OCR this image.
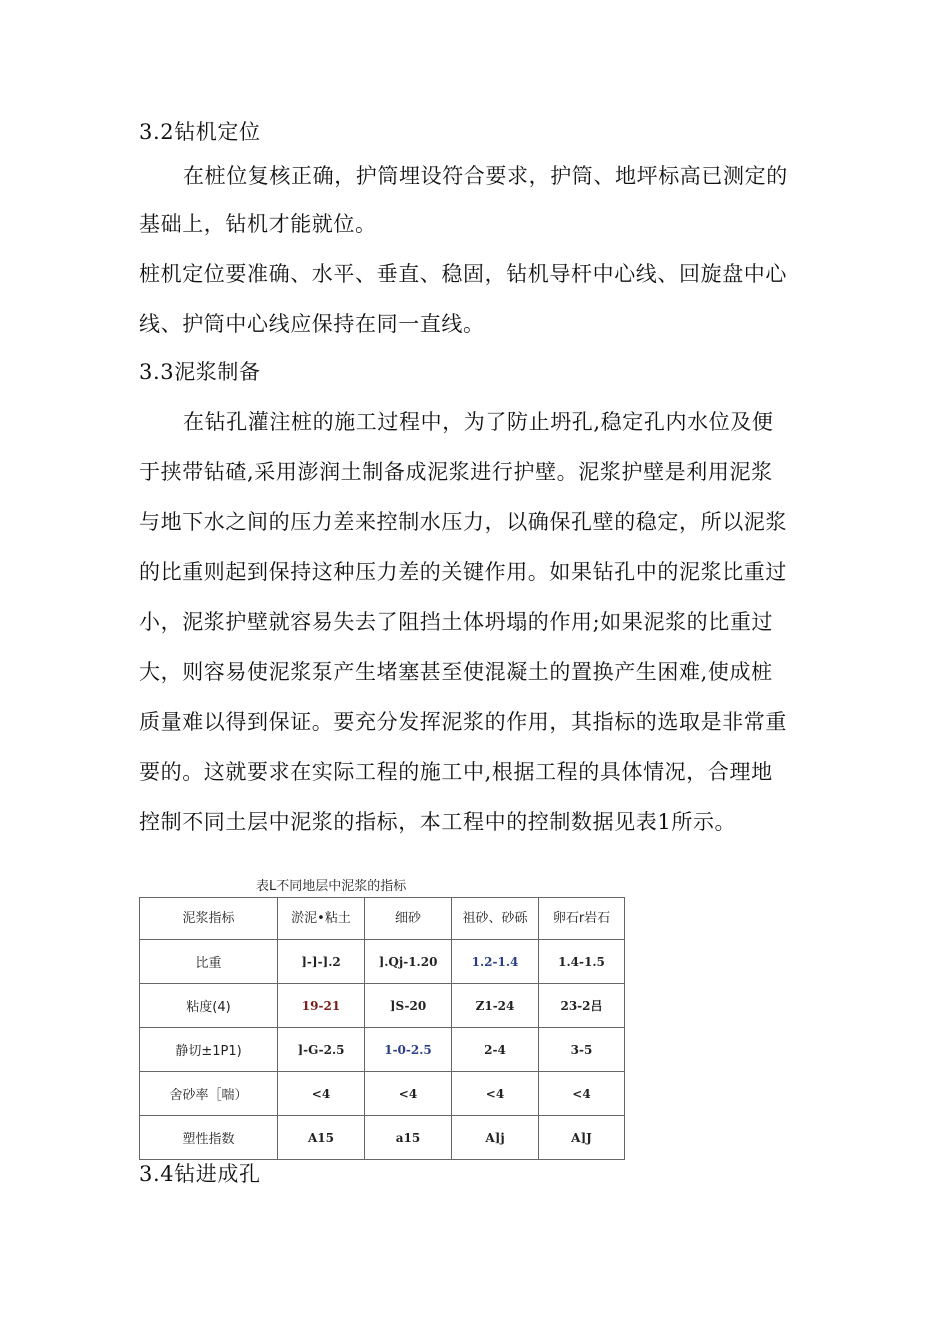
3.2钻机定位
在桩位复核正确，护筒埋设符合要求，护筒、地坪标高已测定的
基础上，钻机才能就位。
桩机定位要准确、水平、垂直、稳固，钻机导杆中心线、回旋盘中心
线、护筒中心线应保持在同一直线。
3.3泥浆制备
在钻孔灌注桩的施工过程中，为了防止坍孔,稳定孔内水位及便
于挟带钻碴,采用澎润土制备成泥浆进行护壁。泥浆护壁是利用泥浆
与地下水之间的压力差来控制水压力，以确保孔壁的稳定，所以泥浆
的比重则起到保持这种压力差的关键作用。如果钻孔中的泥浆比重过
小，泥浆护壁就容易失去了阻挡土体坍塌的作用;如果泥浆的比重过
大，则容易使泥浆泵产生堵塞甚至使混凝土的置换产生困难,使成桩
质量难以得到保证。要充分发挥泥浆的作用，其指标的选取是非常重
要的。这就要求在实际工程的施工中,根据工程的具体情况，合理地
控制不同土层中泥浆的指标，本工程中的控制数据见表1所示。
表L不同地层中泥浆的指标
泥浆指标	淤泥•粘土	细砂	祖砂、砂砾	卵石r岩石
比重	]-]-].2	].Qj-1.20	1.2-1.4	1.4-1.5
粘度(4)	19-21	]S-20	Z1-24	23-2吕
静切±1P1)	]-G-2.5	1-0-2.5	2-4	3-5
舍砂率［喘）	<4	<4	<4	<4
塑性指数	A15	a15	A]j	A]J
3.4钻进成孔
